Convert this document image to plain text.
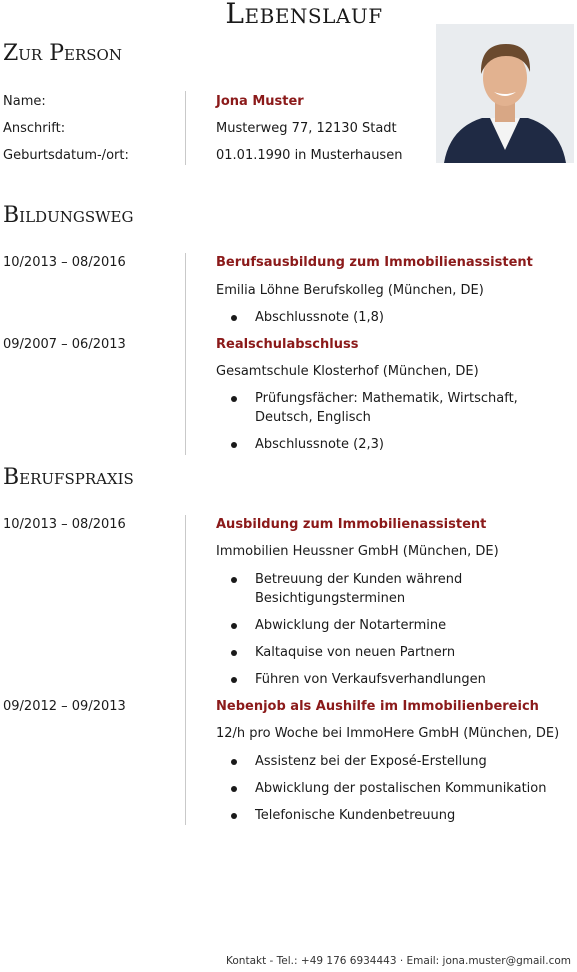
Lebenslauf
Zur Person
Name:	Jona Muster
Anschrift:	Musterweg 77, 12130 Stadt
Geburtsdatum-/ort:	01.01.1990 in Musterhausen
Bildungsweg
10/2013 – 08/2016	Berufsausbildung zum Immobilienassistent
Emilia Löhne Berufskolleg (München, DE)
Abschlussnote (1,8)
09/2007 – 06/2013	Realschulabschluss
Gesamtschule Klosterhof (München, DE)
Prüfungsfächer: Mathematik, Wirtschaft, Deutsch, Englisch
Abschlussnote (2,3)
Berufspraxis
10/2013 – 08/2016	Ausbildung zum Immobilienassistent
Immobilien Heussner GmbH (München, DE)
Betreuung der Kunden während Besichtigungsterminen
Abwicklung der Notartermine
Kaltaquise von neuen Partnern
Führen von Verkaufsverhandlungen
09/2012 – 09/2013	Nebenjob als Aushilfe im Immobilienbereich
12/h pro Woche bei ImmoHere GmbH (München, DE)
Assistenz bei der Exposé-Erstellung
Abwicklung der postalischen Kommunikation
Telefonische Kundenbetreuung
Kontakt - Tel.: +49 176 6934443 · Email: jona.muster@gmail.com
